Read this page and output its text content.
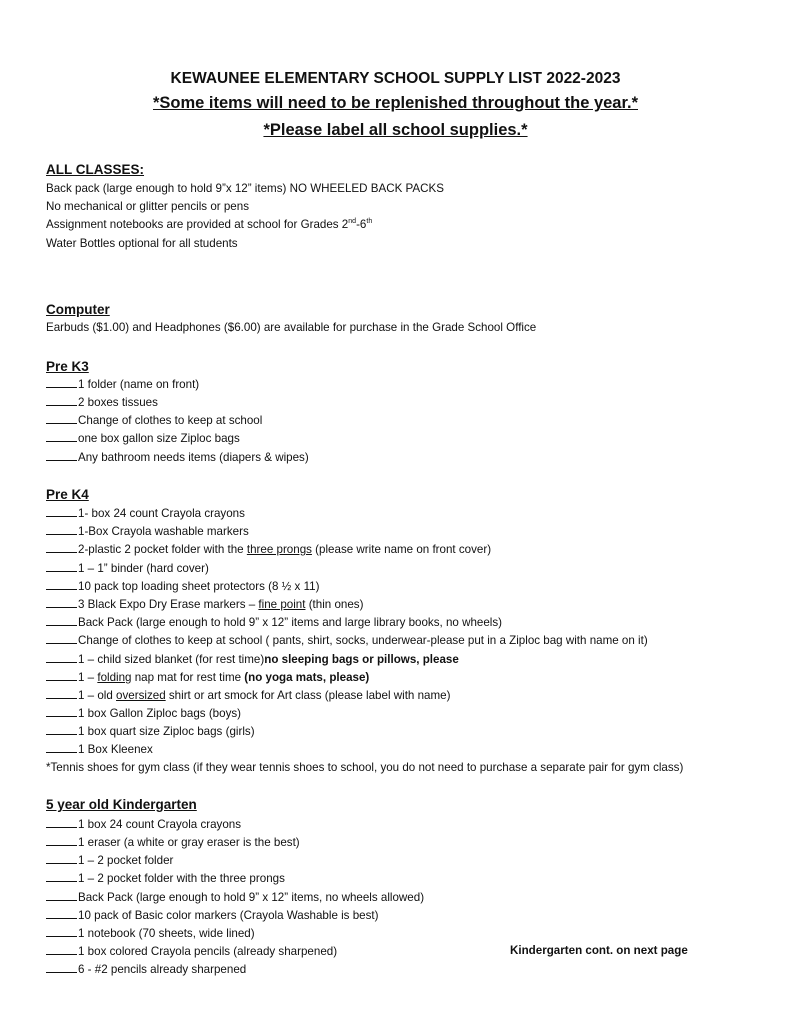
KEWAUNEE ELEMENTARY SCHOOL SUPPLY LIST 2022-2023
*Some items will need to be replenished throughout the year.*
*Please label all school supplies.*
ALL CLASSES:
Back pack (large enough to hold 9”x 12” items) NO WHEELED BACK PACKS
No mechanical or glitter pencils or pens
Assignment notebooks are provided at school for Grades 2nd-6th
Water Bottles optional for all students
Computer
Earbuds ($1.00) and Headphones ($6.00) are available for purchase in the Grade School Office
Pre K3
1 folder (name on front)
2 boxes tissues
Change of clothes to keep at school
one box gallon size Ziploc bags
Any bathroom needs items (diapers & wipes)
Pre K4
1- box 24 count Crayola crayons
1-Box Crayola washable markers
2-plastic 2 pocket folder with the three prongs (please write name on front cover)
1 – 1” binder (hard cover)
10 pack top loading sheet protectors (8 ½ x 11)
3 Black Expo Dry Erase markers – fine point (thin ones)
Back Pack (large enough to hold 9” x 12” items and large library books, no wheels)
Change of clothes to keep at school ( pants, shirt, socks, underwear-please put in a Ziploc bag with name on it)
1 – child sized blanket (for rest time)no sleeping bags or pillows, please
1 – folding nap mat for rest time (no yoga mats, please)
1 – old oversized shirt or art smock for Art class (please label with name)
1 box Gallon Ziploc bags (boys)
1 box quart size Ziploc bags (girls)
1 Box Kleenex
*Tennis shoes for gym class (if they wear tennis shoes to school, you do not need to purchase a separate pair for gym class)
5 year old Kindergarten
1 box 24 count Crayola crayons
1 eraser (a white or gray eraser is the best)
1 – 2 pocket folder
1 – 2 pocket folder with the three prongs
Back Pack (large enough to hold 9” x 12” items, no wheels allowed)
10 pack of Basic color markers (Crayola Washable is best)
1 notebook (70 sheets, wide lined)
1 box colored Crayola pencils (already sharpened)
6 - #2 pencils already sharpened
Kindergarten cont. on next page
